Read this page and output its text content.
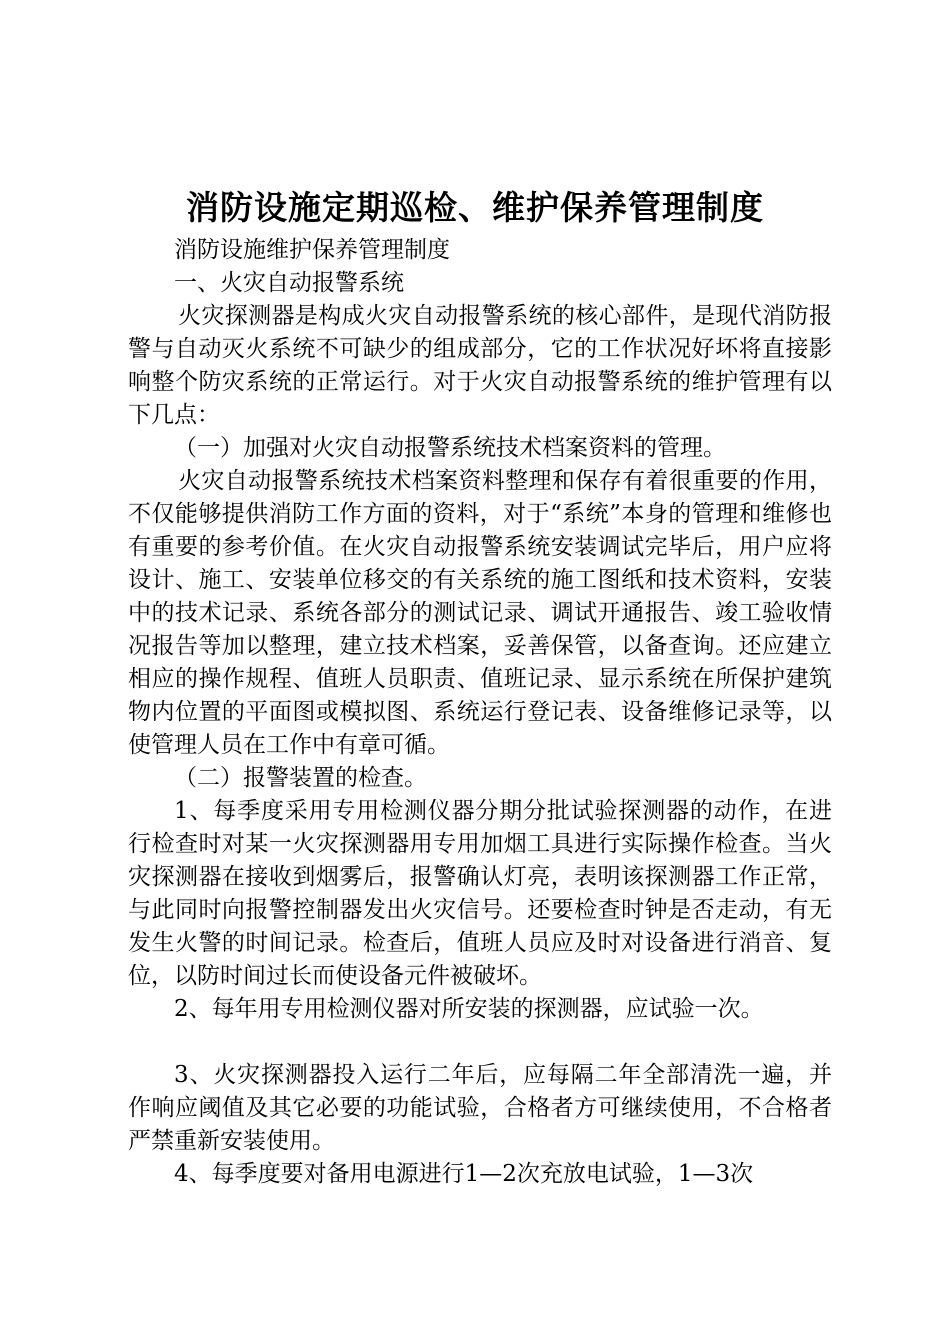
消防设施定期巡检、维护保养管理制度

消防设施维护保养管理制度

一、火灾自动报警系统

火灾探测器是构成火灾自动报警系统的核心部件，是现代消防报警与自动灭火系统不可缺少的组成部分，它的工作状况好坏将直接影响整个防灾系统的正常运行。对于火灾自动报警系统的维护管理有以下几点：

（一）加强对火灾自动报警系统技术档案资料的管理。

火灾自动报警系统技术档案资料整理和保存有着很重要的作用，不仅能够提供消防工作方面的资料，对于“系统”本身的管理和维修也有重要的参考价值。在火灾自动报警系统安装调试完毕后，用户应将设计、施工、安装单位移交的有关系统的施工图纸和技术资料，安装中的技术记录、系统各部分的测试记录、调试开通报告、竣工验收情况报告等加以整理，建立技术档案，妥善保管，以备查询。还应建立相应的操作规程、值班人员职责、值班记录、显示系统在所保护建筑物内位置的平面图或模拟图、系统运行登记表、设备维修记录等，以使管理人员在工作中有章可循。

（二）报警装置的检查。

1、每季度采用专用检测仪器分期分批试验探测器的动作，在进行检查时对某一火灾探测器用专用加烟工具进行实际操作检查。当火灾探测器在接收到烟雾后，报警确认灯亮，表明该探测器工作正常，与此同时向报警控制器发出火灾信号。还要检查时钟是否走动，有无发生火警的时间记录。检查后，值班人员应及时对设备进行消音、复位，以防时间过长而使设备元件被破坏。

2、每年用专用检测仪器对所安装的探测器，应试验一次。

3、火灾探测器投入运行二年后，应每隔二年全部清洗一遍，并作响应阈值及其它必要的功能试验，合格者方可继续使用，不合格者严禁重新安装使用。

4、每季度要对备用电源进行1—2次充放电试验，1—3次
